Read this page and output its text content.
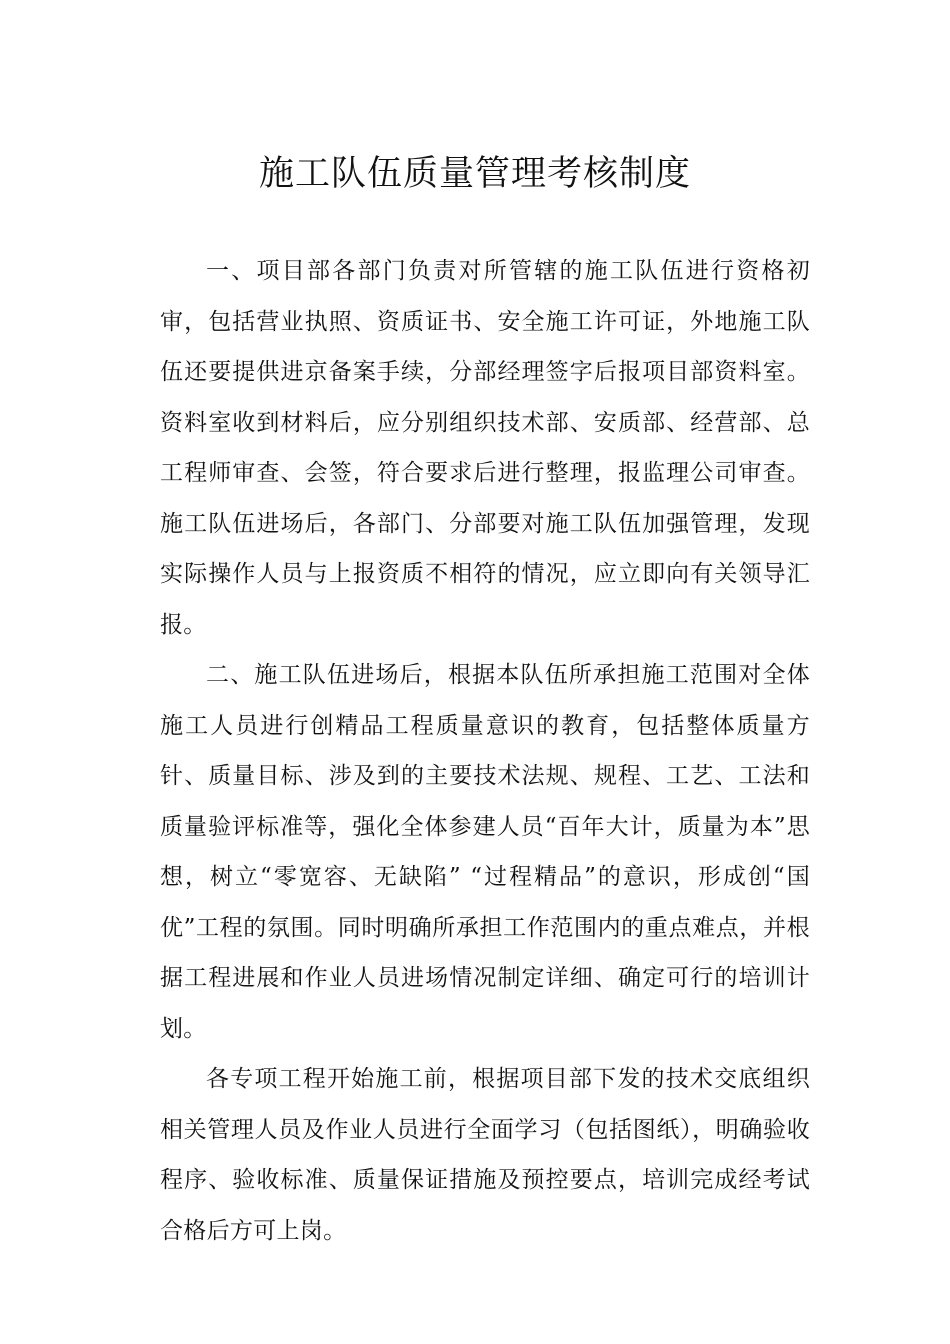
施工队伍质量管理考核制度

一、项目部各部门负责对所管辖的施工队伍进行资格初审，包括营业执照、资质证书、安全施工许可证，外地施工队伍还要提供进京备案手续，分部经理签字后报项目部资料室。资料室收到材料后，应分别组织技术部、安质部、经营部、总工程师审查、会签，符合要求后进行整理，报监理公司审查。施工队伍进场后，各部门、分部要对施工队伍加强管理，发现实际操作人员与上报资质不相符的情况，应立即向有关领导汇报。

二、施工队伍进场后，根据本队伍所承担施工范围对全体施工人员进行创精品工程质量意识的教育，包括整体质量方针、质量目标、涉及到的主要技术法规、规程、工艺、工法和质量验评标准等，强化全体参建人员“百年大计，质量为本”思想，树立“零宽容、无缺陷” “过程精品”的意识，形成创“国优”工程的氛围。同时明确所承担工作范围内的重点难点，并根据工程进展和作业人员进场情况制定详细、确定可行的培训计划。

各专项工程开始施工前，根据项目部下发的技术交底组织相关管理人员及作业人员进行全面学习（包括图纸），明确验收程序、验收标准、质量保证措施及预控要点，培训完成经考试合格后方可上岗。
